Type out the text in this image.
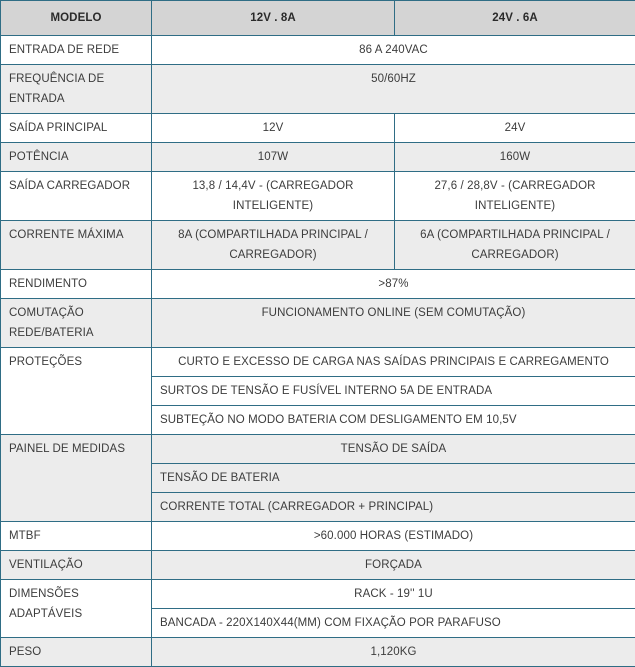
MODELO	12V . 8A	24V . 6A
ENTRADA DE REDE	86 A 240VAC	
FREQUÊNCIA DE ENTRADA	50/60HZ	
SAÍDA PRINCIPAL	12V	24V
POTÊNCIA	107W	160W
SAÍDA CARREGADOR	13,8 / 14,4V - (CARREGADOR INTELIGENTE)	27,6 / 28,8V - (CARREGADOR INTELIGENTE)
CORRENTE MÁXIMA	8A (COMPARTILHADA PRINCIPAL / CARREGADOR)	6A (COMPARTILHADA PRINCIPAL / CARREGADOR)
RENDIMENTO	>87%	
COMUTAÇÃO REDE/BATERIA	FUNCIONAMENTO ONLINE (SEM COMUTAÇÃO)	
PROTEÇÕES	CURTO E EXCESSO DE CARGA NAS SAÍDAS PRINCIPAIS E CARREGAMENTO	
	SURTOS DE TENSÃO E FUSÍVEL INTERNO 5A DE ENTRADA	
	SUBTEÇÃO NO MODO BATERIA COM DESLIGAMENTO EM 10,5V	
PAINEL DE MEDIDAS	TENSÃO DE SAÍDA	
	TENSÃO DE BATERIA	
	CORRENTE TOTAL (CARREGADOR + PRINCIPAL)	
MTBF	>60.000 HORAS (ESTIMADO)	
VENTILAÇÃO	FORÇADA	
DIMENSÕES ADAPTÁVEIS	RACK - 19'' 1U	
	BANCADA - 220X140X44(MM) COM FIXAÇÃO POR PARAFUSO	
PESO	1,120KG	
